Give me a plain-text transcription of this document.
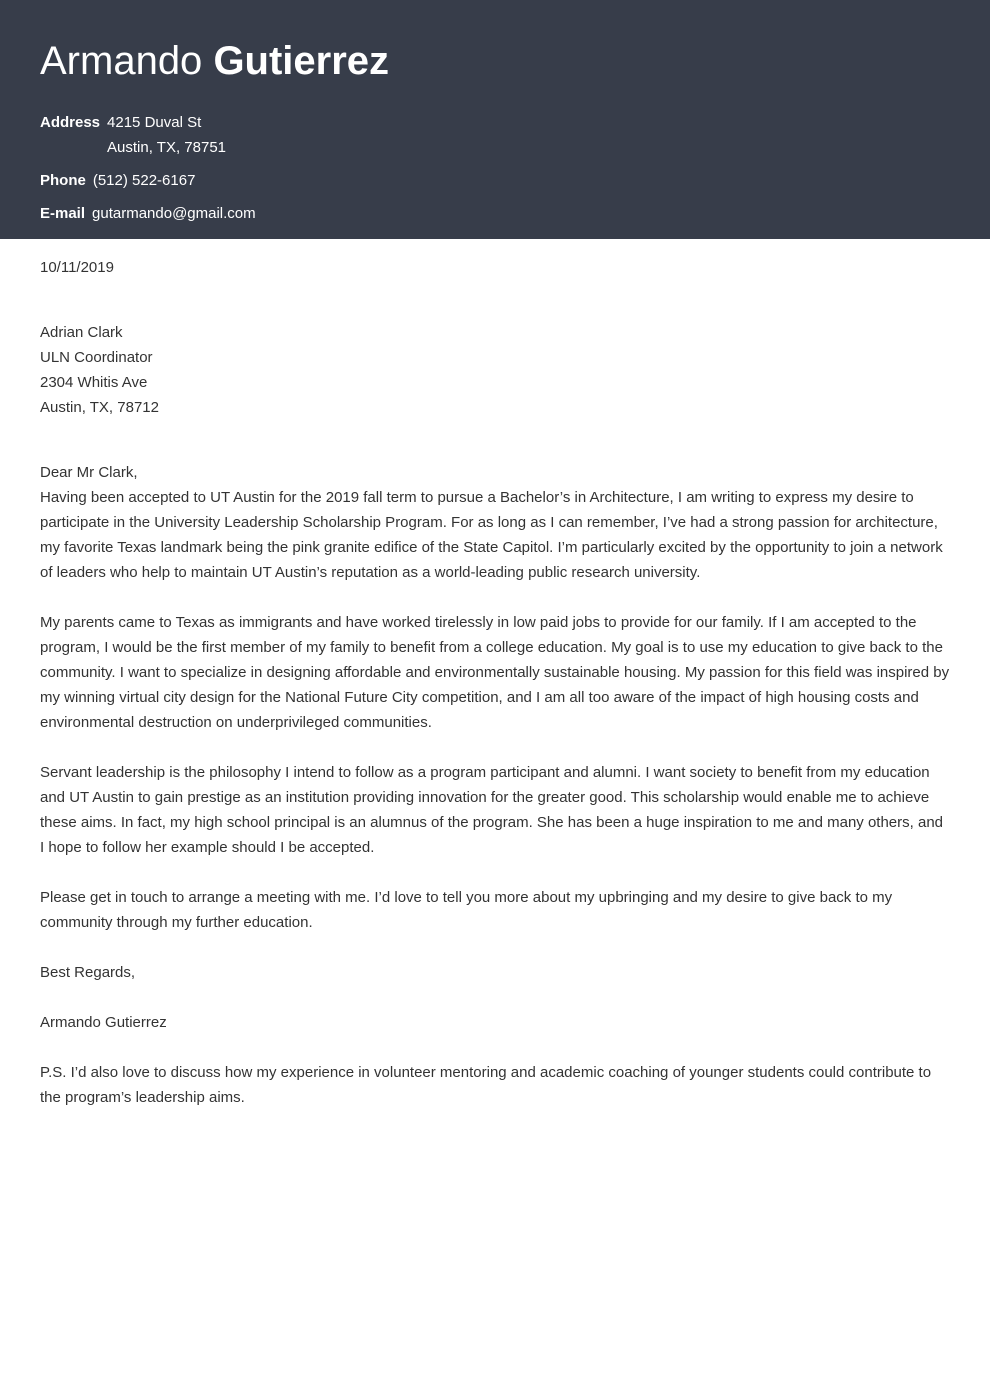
Armando Gutierrez
Address 4215 Duval St
Austin, TX, 78751
Phone (512) 522-6167
E-mail gutarmando@gmail.com

10/11/2019

Adrian Clark

ULN Coordinator

2304 Whitis Ave

Austin, TX, 78712

Dear Mr Clark,

Having been accepted to UT Austin for the 2019 fall term to pursue a Bachelor’s in Architecture, I am writing to express my desire to participate in the University Leadership Scholarship Program. For as long as I can remember, I’ve had a strong passion for architecture, my favorite Texas landmark being the pink granite edifice of the State Capitol. I’m particularly excited by the opportunity to join a network of leaders who help to maintain UT Austin’s reputation as a world-leading public research university.

My parents came to Texas as immigrants and have worked tirelessly in low paid jobs to provide for our family. If I am accepted to the program, I would be the first member of my family to benefit from a college education. My goal is to use my education to give back to the community. I want to specialize in designing affordable and environmentally sustainable housing. My passion for this field was inspired by my winning virtual city design for the National Future City competition, and I am all too aware of the impact of high housing costs and environmental destruction on underprivileged communities.

Servant leadership is the philosophy I intend to follow as a program participant and alumni. I want society to benefit from my education and UT Austin to gain prestige as an institution providing innovation for the greater good. This scholarship would enable me to achieve these aims. In fact, my high school principal is an alumnus of the program. She has been a huge inspiration to me and many others, and I hope to follow her example should I be accepted.

Please get in touch to arrange a meeting with me. I’d love to tell you more about my upbringing and my desire to give back to my community through my further education.

Best Regards,

Armando Gutierrez

P.S. I’d also love to discuss how my experience in volunteer mentoring and academic coaching of younger students could contribute to the program’s leadership aims.
